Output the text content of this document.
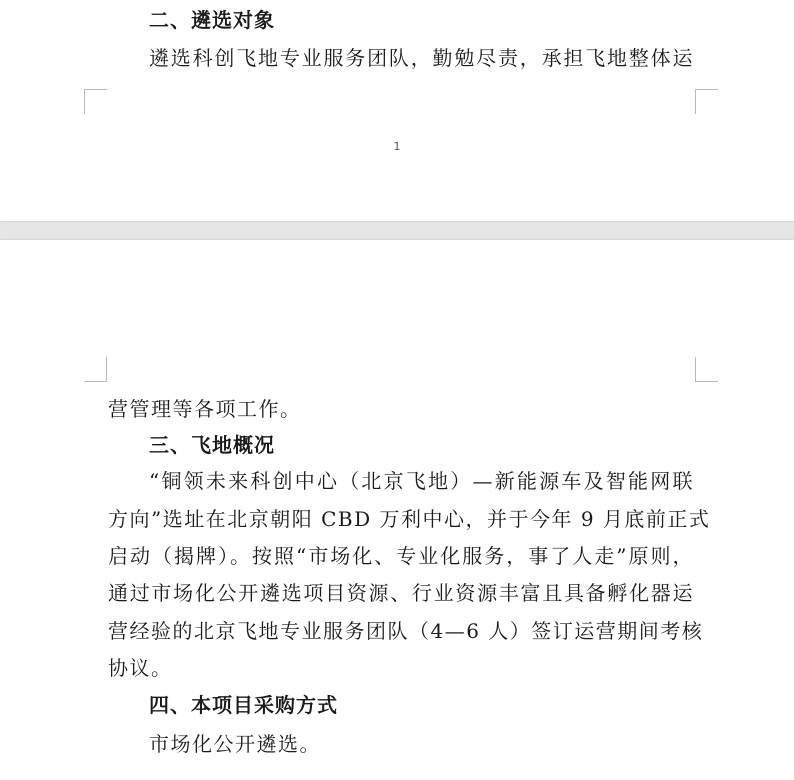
二、遴选对象
遴选科创飞地专业服务团队，勤勉尽责，承担飞地整体运
1
营管理等各项工作。
三、飞地概况
“铜领未来科创中心（北京飞地）—新能源车及智能网联
方向”选址在北京朝阳 CBD 万利中心，并于今年 9 月底前正式
启动（揭牌）。按照“市场化、专业化服务，事了人走”原则，
通过市场化公开遴选项目资源、行业资源丰富且具备孵化器运
营经验的北京飞地专业服务团队（4—6 人）签订运营期间考核
协议。
四、本项目采购方式
市场化公开遴选。
